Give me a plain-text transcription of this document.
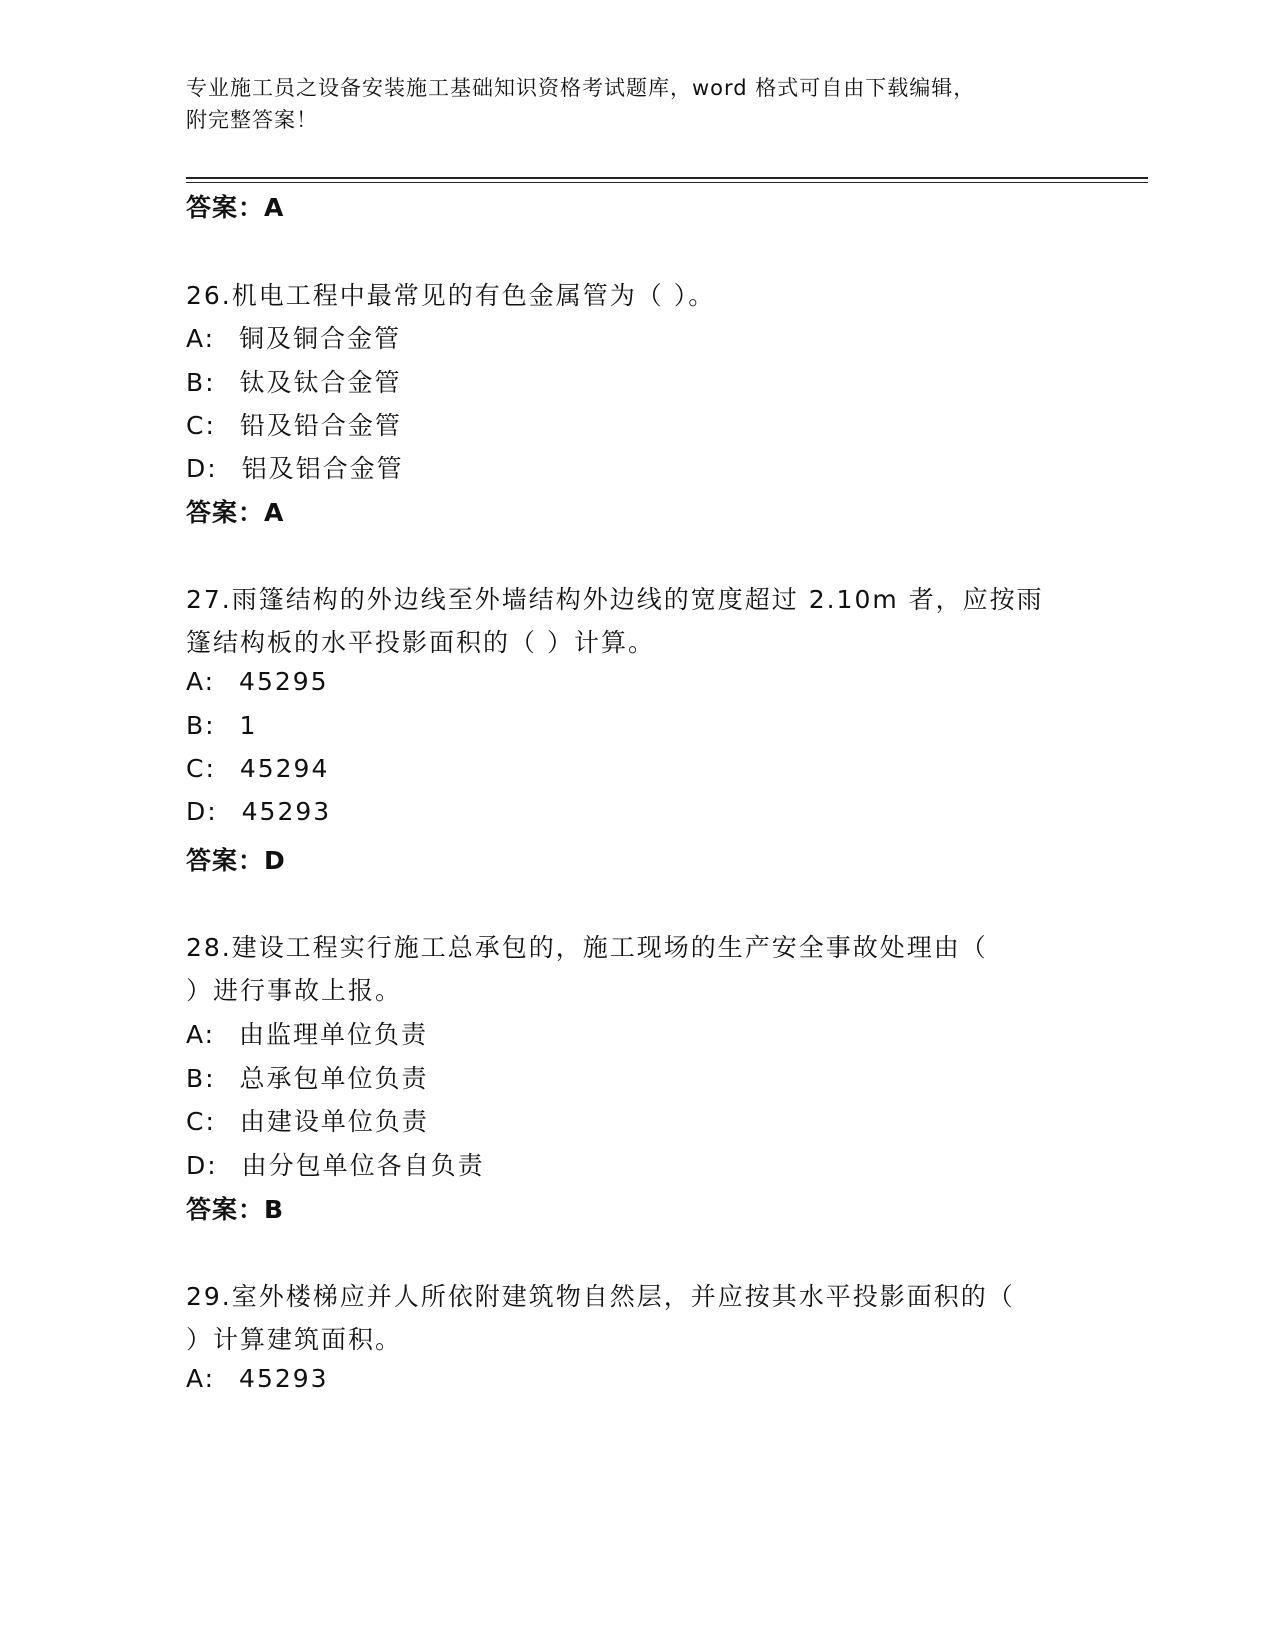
专业施工员之设备安装施工基础知识资格考试题库，word 格式可自由下载编辑，
附完整答案！
答案：A
26.机电工程中最常见的有色金属管为（ ）。
A: 铜及铜合金管
B: 钛及钛合金管
C: 铅及铅合金管
D: 铝及铝合金管
答案：A
27.雨篷结构的外边线至外墙结构外边线的宽度超过 2.10m 者，应按雨
篷结构板的水平投影面积的（ ）计算。
A: 45295
B: 1
C: 45294
D: 45293
答案：D
28.建设工程实行施工总承包的，施工现场的生产安全事故处理由（
）进行事故上报。
A: 由监理单位负责
B: 总承包单位负责
C: 由建设单位负责
D: 由分包单位各自负责
答案：B
29.室外楼梯应并人所依附建筑物自然层，并应按其水平投影面积的（
）计算建筑面积。
A: 45293
